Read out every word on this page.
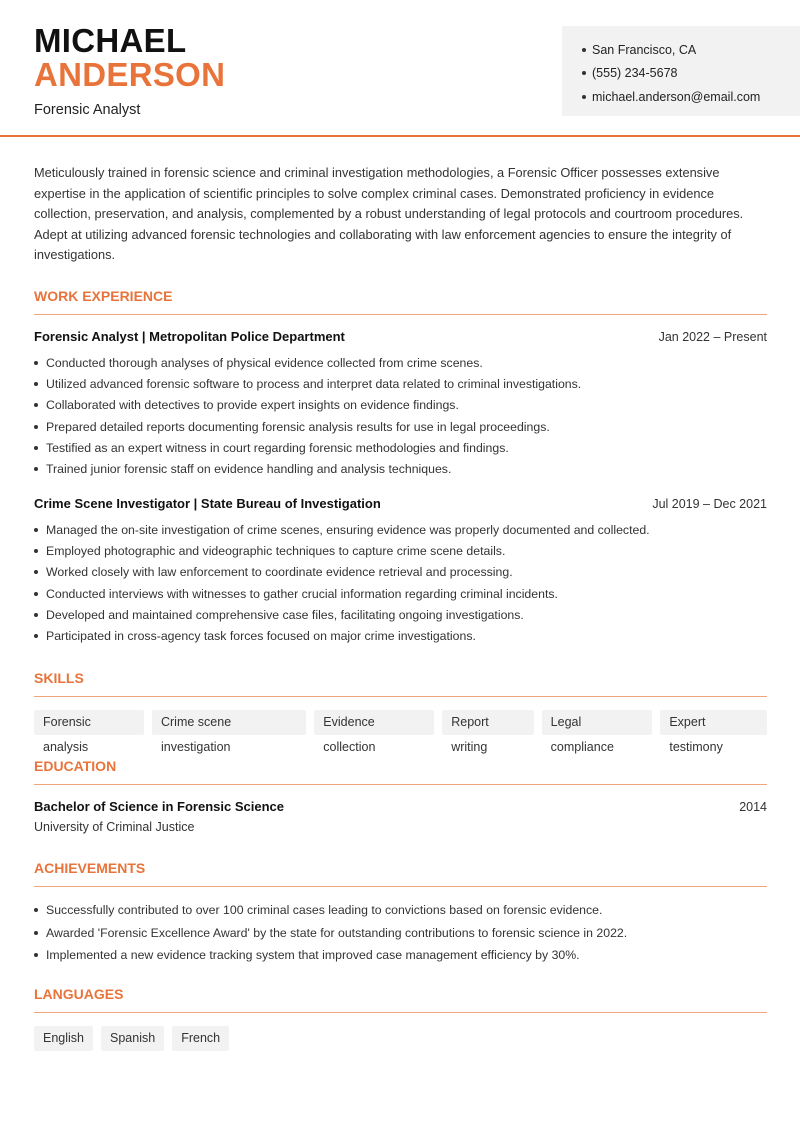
MICHAEL
ANDERSON
Forensic Analyst
San Francisco, CA
(555) 234-5678
michael.anderson@email.com

Meticulously trained in forensic science and criminal investigation methodologies, a Forensic Officer possesses extensive expertise in the application of scientific principles to solve complex criminal cases. Demonstrated proficiency in evidence collection, preservation, and analysis, complemented by a robust understanding of legal protocols and courtroom procedures. Adept at utilizing advanced forensic technologies and collaborating with law enforcement agencies to ensure the integrity of investigations.

WORK EXPERIENCE
Forensic Analyst | Metropolitan Police Department	Jan 2022 – Present
Conducted thorough analyses of physical evidence collected from crime scenes.
Utilized advanced forensic software to process and interpret data related to criminal investigations.
Collaborated with detectives to provide expert insights on evidence findings.
Prepared detailed reports documenting forensic analysis results for use in legal proceedings.
Testified as an expert witness in court regarding forensic methodologies and findings.
Trained junior forensic staff on evidence handling and analysis techniques.
Crime Scene Investigator | State Bureau of Investigation	Jul 2019 – Dec 2021
Managed the on-site investigation of crime scenes, ensuring evidence was properly documented and collected.
Employed photographic and videographic techniques to capture crime scene details.
Worked closely with law enforcement to coordinate evidence retrieval and processing.
Conducted interviews with witnesses to gather crucial information regarding criminal incidents.
Developed and maintained comprehensive case files, facilitating ongoing investigations.
Participated in cross-agency task forces focused on major crime investigations.
SKILLS
Forensic analysis
Crime scene investigation
Evidence collection
Report writing
Legal compliance
Expert testimony
EDUCATION
Bachelor of Science in Forensic Science	2014
University of Criminal Justice
ACHIEVEMENTS
Successfully contributed to over 100 criminal cases leading to convictions based on forensic evidence.
Awarded 'Forensic Excellence Award' by the state for outstanding contributions to forensic science in 2022.
Implemented a new evidence tracking system that improved case management efficiency by 30%.
LANGUAGES
English	Spanish	French
